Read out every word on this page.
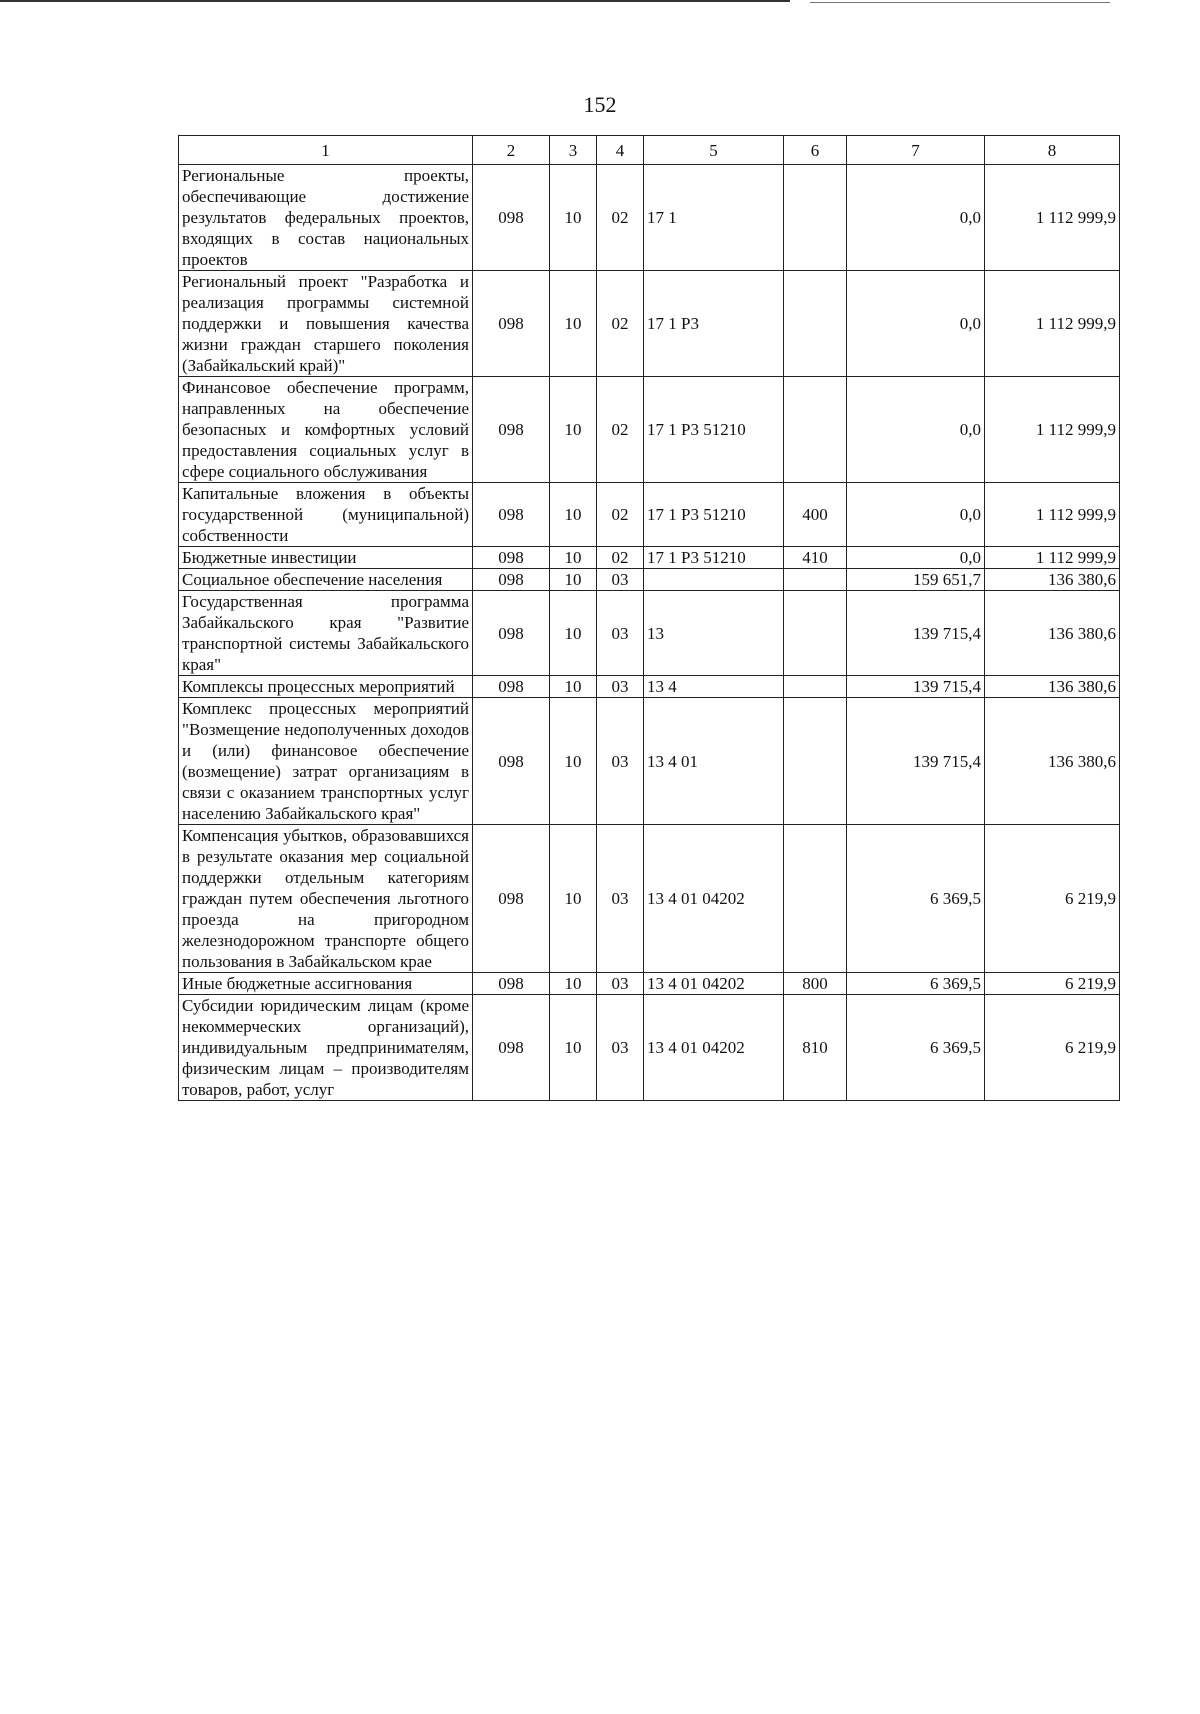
152
1	2	3	4	5	6	7	8
Региональные проекты, обеспечивающие достижение результатов федеральных проектов, входящих в состав национальных проектов	098	10	02	17 1		0,0	1 112 999,9
Региональный проект "Разработка и реализация программы системной поддержки и повышения качества жизни граждан старшего поколения (Забайкальский край)"	098	10	02	17 1 P3		0,0	1 112 999,9
Финансовое обеспечение программ, направленных на обеспечение безопасных и комфортных условий предоставления социальных услуг в сфере социального обслуживания	098	10	02	17 1 P3 51210		0,0	1 112 999,9
Капитальные вложения в объекты государственной (муниципальной) собственности	098	10	02	17 1 P3 51210	400	0,0	1 112 999,9
Бюджетные инвестиции	098	10	02	17 1 P3 51210	410	0,0	1 112 999,9
Социальное обеспечение населения	098	10	03			159 651,7	136 380,6
Государственная программа Забайкальского края "Развитие транспортной системы Забайкальского края"	098	10	03	13		139 715,4	136 380,6
Комплексы процессных мероприятий	098	10	03	13 4		139 715,4	136 380,6
Комплекс процессных мероприятий "Возмещение недополученных доходов и (или) финансовое обеспечение (возмещение) затрат организациям в связи с оказанием транспортных услуг населению Забайкальского края"	098	10	03	13 4 01		139 715,4	136 380,6
Компенсация убытков, образовавшихся в результате оказания мер социальной поддержки отдельным категориям граждан путем обеспечения льготного проезда на пригородном железнодорожном транспорте общего пользования в Забайкальском крае	098	10	03	13 4 01 04202		6 369,5	6 219,9
Иные бюджетные ассигнования	098	10	03	13 4 01 04202	800	6 369,5	6 219,9
Субсидии юридическим лицам (кроме некоммерческих организаций), индивидуальным предпринимателям, физическим лицам – производителям товаров, работ, услуг	098	10	03	13 4 01 04202	810	6 369,5	6 219,9
